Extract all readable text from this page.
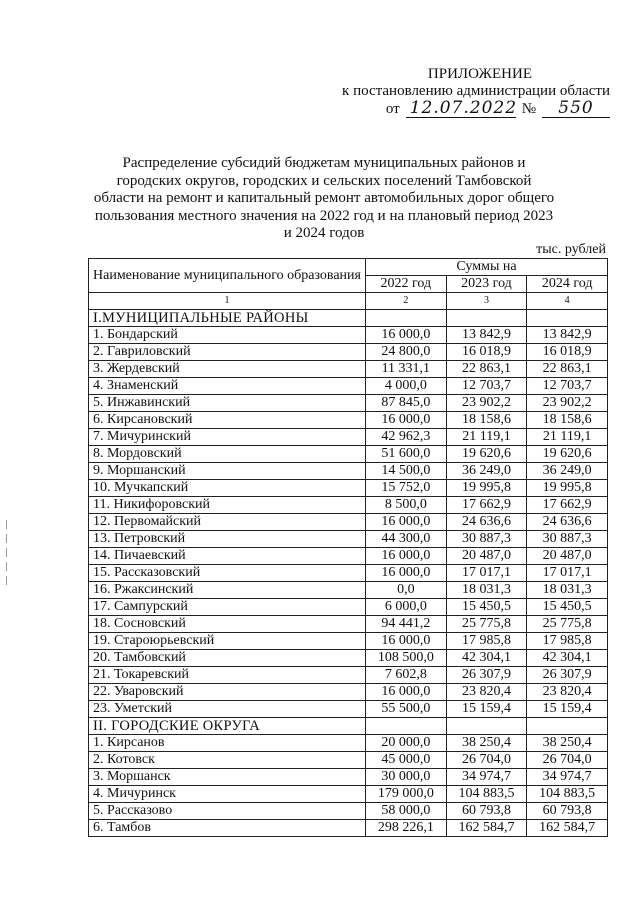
ПРИЛОЖЕНИЕ
к постановлению администрации области
от 12.07.2022 №	550
Распределение субсидий бюджетам муниципальных районов и городских округов, городских и сельских поселений Тамбовской области на ремонт и капитальный ремонт автомобильных дорог общего пользования местного значения на 2022 год и на плановый период 2023 и 2024 годов
тыс. рублей
Наименование муниципального образования	Суммы на		
	2022 год	2023 год	2024 год
1	2	3	4
I.МУНИЦИПАЛЬНЫЕ РАЙОНЫ			
1. Бондарский	16 000,0	13 842,9	13 842,9
2. Гавриловский	24 800,0	16 018,9	16 018,9
3. Жердевский	11 331,1	22 863,1	22 863,1
4. Знаменский	4 000,0	12 703,7	12 703,7
5. Инжавинский	87 845,0	23 902,2	23 902,2
6. Кирсановский	16 000,0	18 158,6	18 158,6
7. Мичуринский	42 962,3	21 119,1	21 119,1
8. Мордовский	51 600,0	19 620,6	19 620,6
9. Моршанский	14 500,0	36 249,0	36 249,0
10. Мучкапский	15 752,0	19 995,8	19 995,8
11. Никифоровский	8 500,0	17 662,9	17 662,9
12. Первомайский	16 000,0	24 636,6	24 636,6
13. Петровский	44 300,0	30 887,3	30 887,3
14. Пичаевский	16 000,0	20 487,0	20 487,0
15. Рассказовский	16 000,0	17 017,1	17 017,1
16. Ржаксинский	0,0	18 031,3	18 031,3
17. Сампурский	6 000,0	15 450,5	15 450,5
18. Сосновский	94 441,2	25 775,8	25 775,8
19. Староюрьевский	16 000,0	17 985,8	17 985,8
20. Тамбовский	108 500,0	42 304,1	42 304,1
21. Токаревский	7 602,8	26 307,9	26 307,9
22. Уваровский	16 000,0	23 820,4	23 820,4
23. Уметский	55 500,0	15 159,4	15 159,4
II. ГОРОДСКИЕ ОКРУГА			
1. Кирсанов	20 000,0	38 250,4	38 250,4
2. Котовск	45 000,0	26 704,0	26 704,0
3. Моршанск	30 000,0	34 974,7	34 974,7
4. Мичуринск	179 000,0	104 883,5	104 883,5
5. Рассказово	58 000,0	60 793,8	60 793,8
6. Тамбов	298 226,1	162 584,7	162 584,7
